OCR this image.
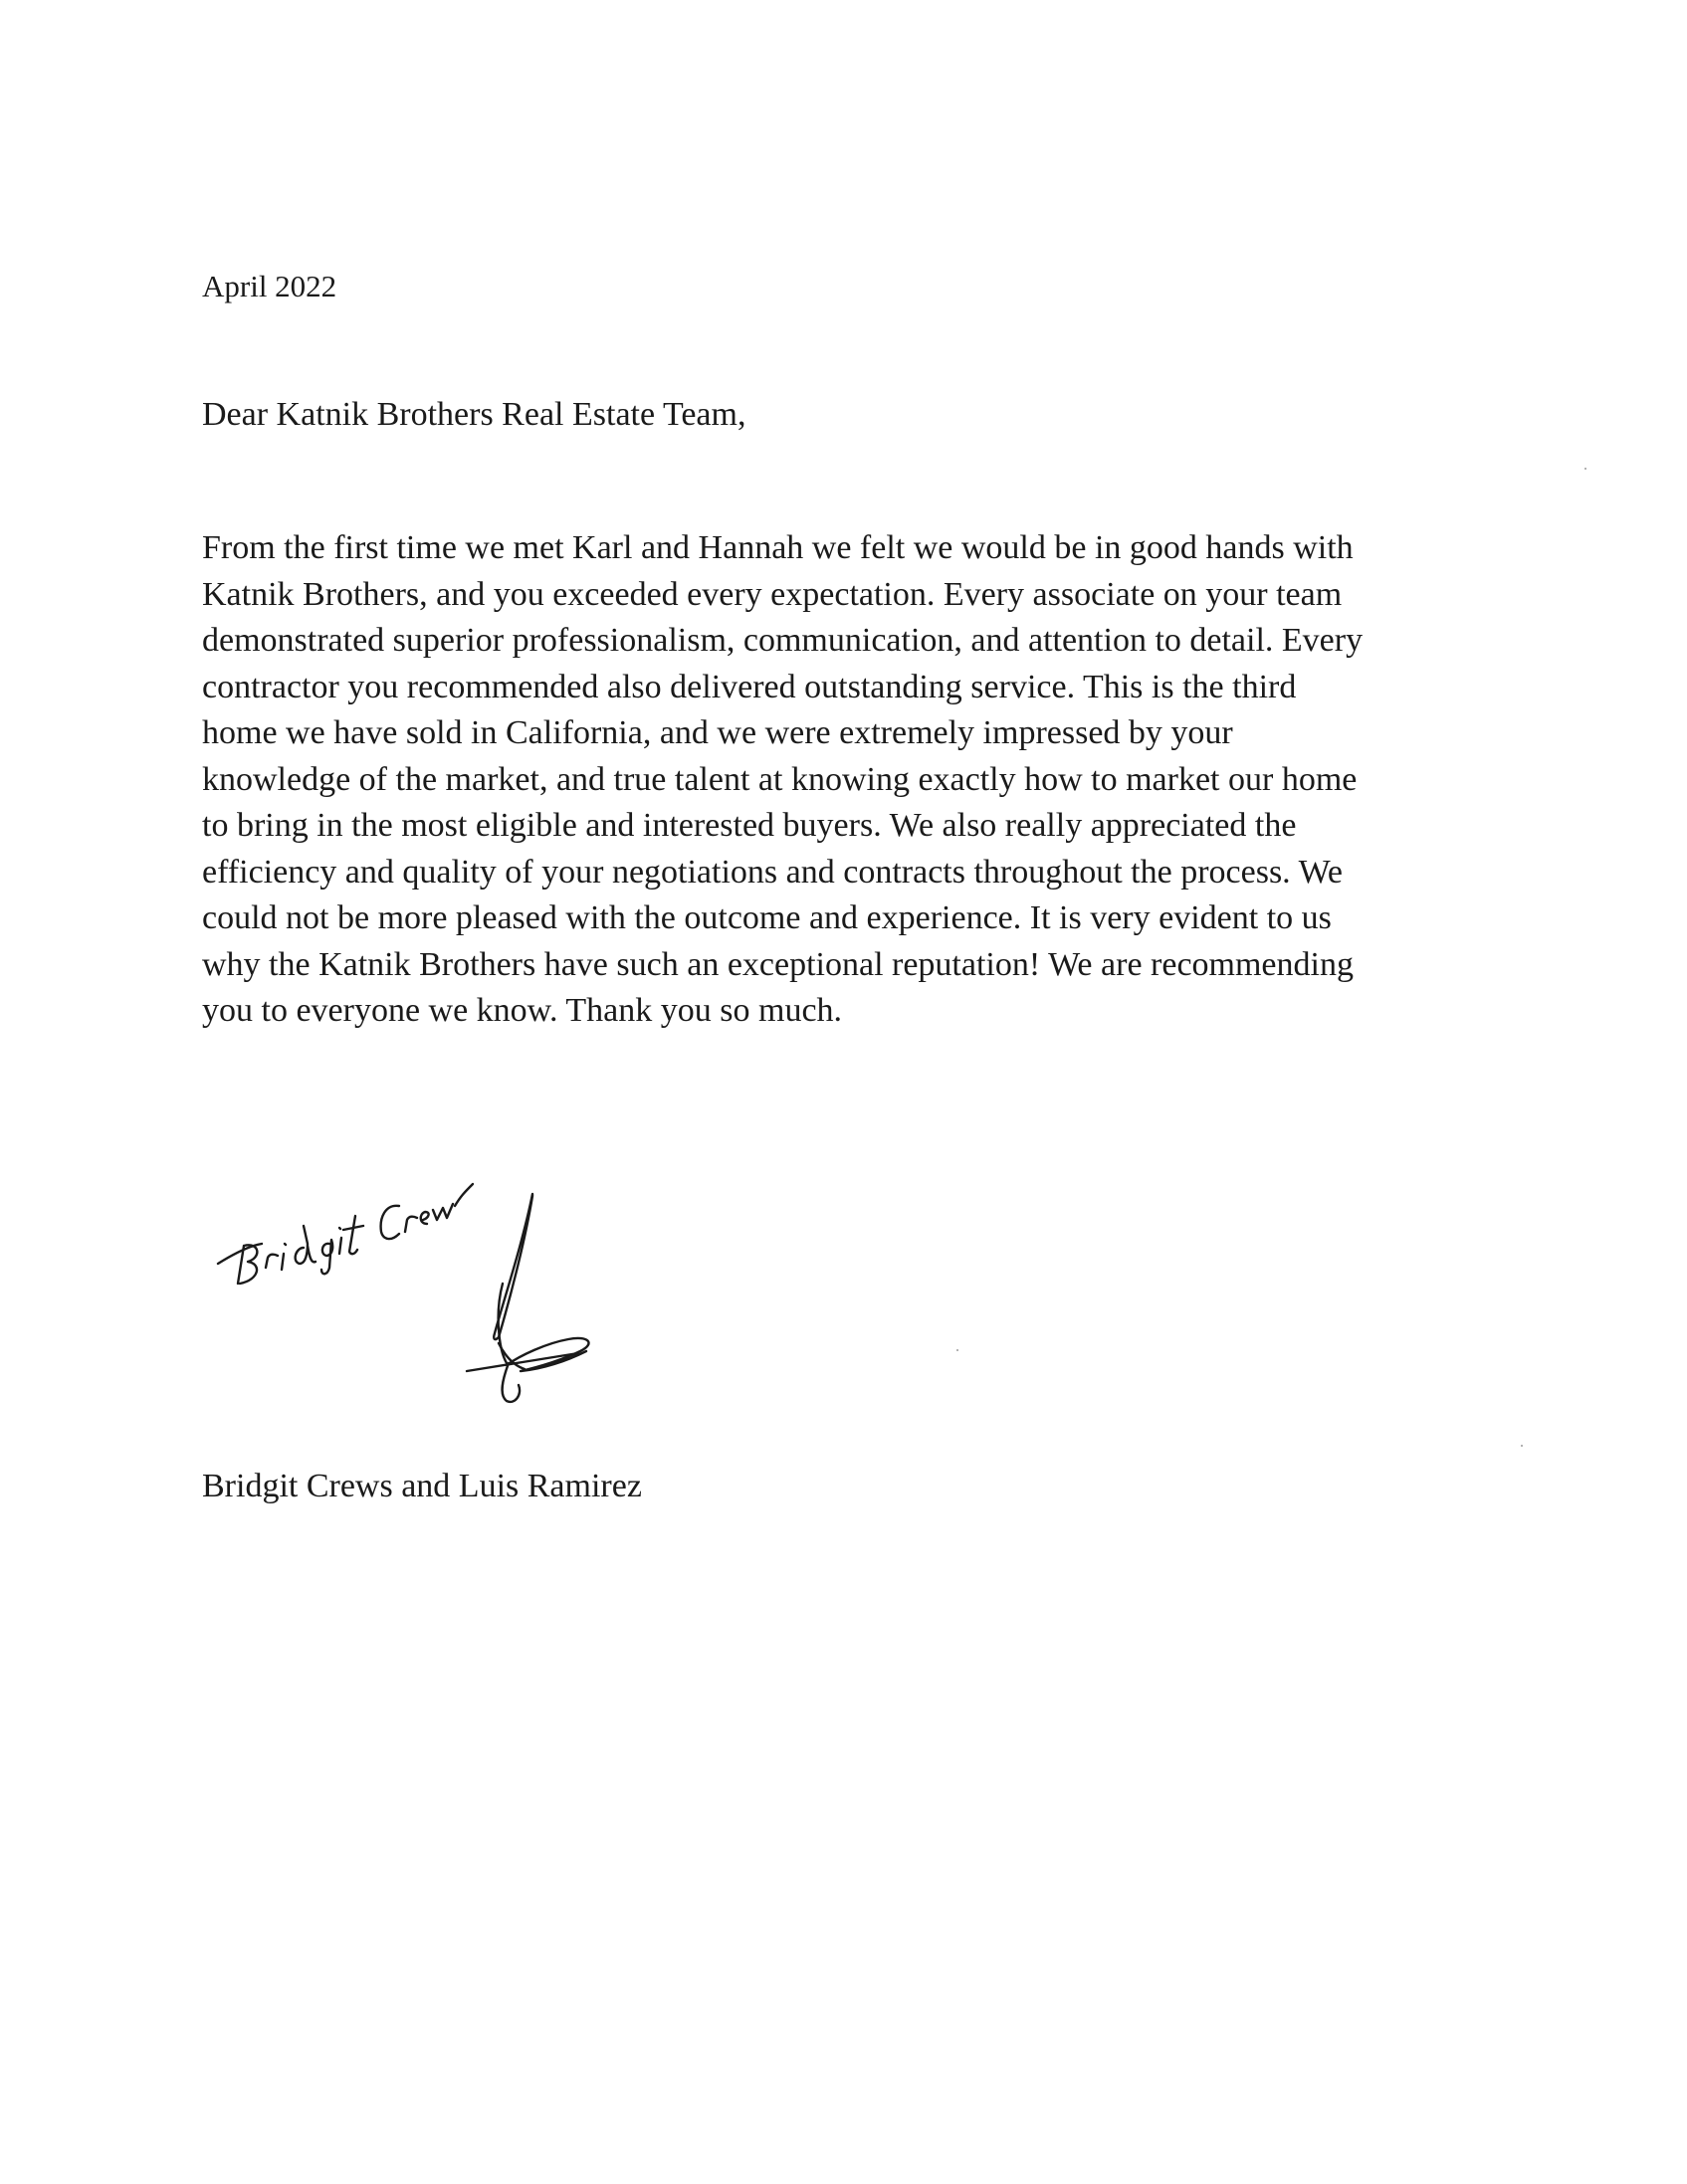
April 2022
Dear Katnik Brothers Real Estate Team,
From the first time we met Karl and Hannah we felt we would be in good hands with
Katnik Brothers, and you exceeded every expectation. Every associate on your team
demonstrated superior professionalism, communication, and attention to detail. Every
contractor you recommended also delivered outstanding service. This is the third
home we have sold in California, and we were extremely impressed by your
knowledge of the market, and true talent at knowing exactly how to market our home
to bring in the most eligible and interested buyers. We also really appreciated the
efficiency and quality of your negotiations and contracts throughout the process. We
could not be more pleased with the outcome and experience. It is very evident to us
why the Katnik Brothers have such an exceptional reputation! We are recommending
you to everyone we know. Thank you so much.
Bridgit Crews and Luis Ramirez
